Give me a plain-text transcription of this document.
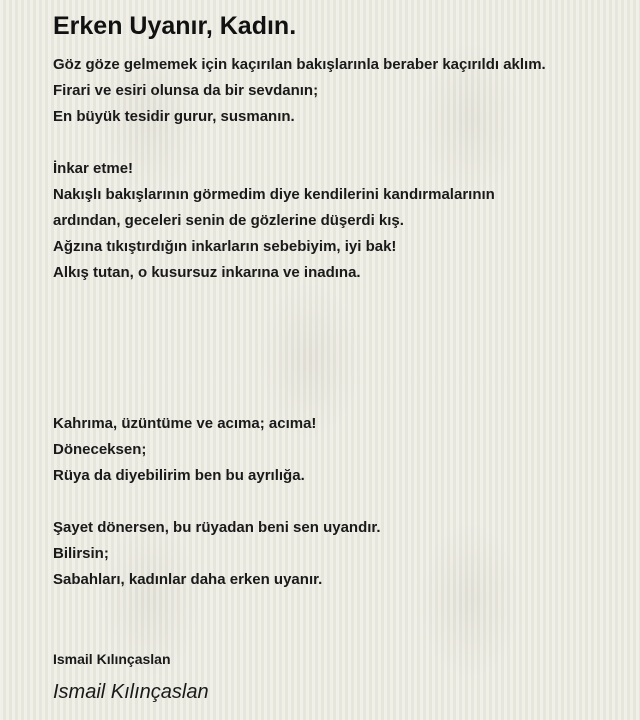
Erken Uyanır, Kadın.
Göz göze gelmemek için kaçırılan bakışlarınla beraber kaçırıldı aklım.
Firari ve esiri olunsa da bir sevdanın;
En büyük tesidir gurur, susmanın.
İnkar etme!
Nakışlı bakışlarının görmedim diye kendilerini kandırmalarının
ardından, geceleri senin de gözlerine düşerdi kış.
Ağzına tıkıştırdığın inkarların sebebiyim, iyi bak!
Alkış tutan, o kusursuz inkarına ve inadına.
Kahrıma, üzüntüme ve acıma; acıma!
Döneceksen;
Rüya da diyebilirim ben bu ayrılığa.
Şayet dönersen, bu rüyadan beni sen uyandır.
Bilirsin;
Sabahları, kadınlar daha erken uyanır.

Ismail Kılınçaslan

Ismail Kılınçaslan
